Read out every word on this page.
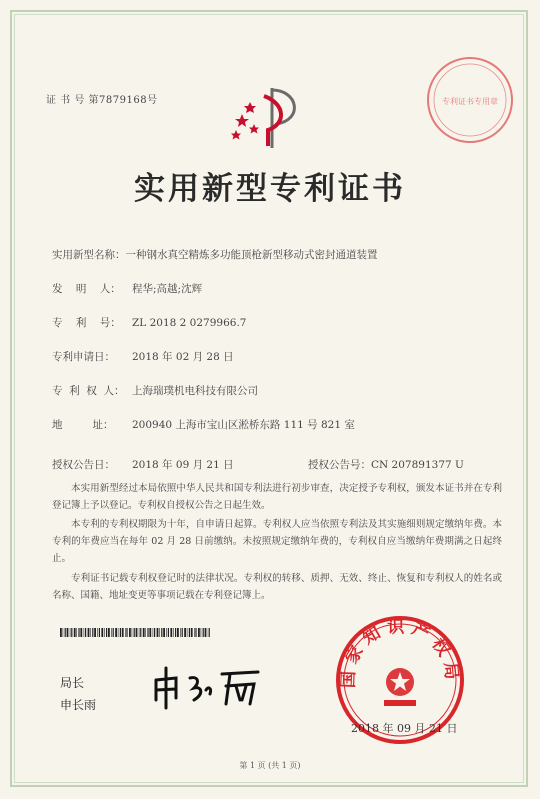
证 书 号 第7879168号	专利证书专用章
实用新型专利证书
实用新型名称：一种钢水真空精炼多功能顶枪新型移动式密封通道装置
发    明    人： 程华;高越;沈辉
专    利    号： ZL 2018 2 0279966.7
专利申请日： 2018 年 02 月 28 日
专  利  权  人： 上海瑞璞机电科技有限公司
地         址： 200940 上海市宝山区淞桥东路 111 号 821 室
授权公告日： 2018 年 09 月 21 日	授权公告号：CN 207891377 U
本实用新型经过本局依照中华人民共和国专利法进行初步审查，决定授予专利权，颁发本证书并在专利登记簿上予以登记。专利权自授权公告之日起生效。
本专利的专利权期限为十年，自申请日起算。专利权人应当依照专利法及其实施细则规定缴纳年费。本专利的年费应当在每年 02 月 28 日前缴纳。未按照规定缴纳年费的，专利权自应当缴纳年费期满之日起终止。
专利证书记载专利权登记时的法律状况。专利权的转移、质押、无效、终止、恢复和专利权人的姓名或名称、国籍、地址变更等事项记载在专利登记簿上。
局长
申长雨
国家知识产权局
2018 年 09 月 21 日
第 1 页 (共 1 页)
